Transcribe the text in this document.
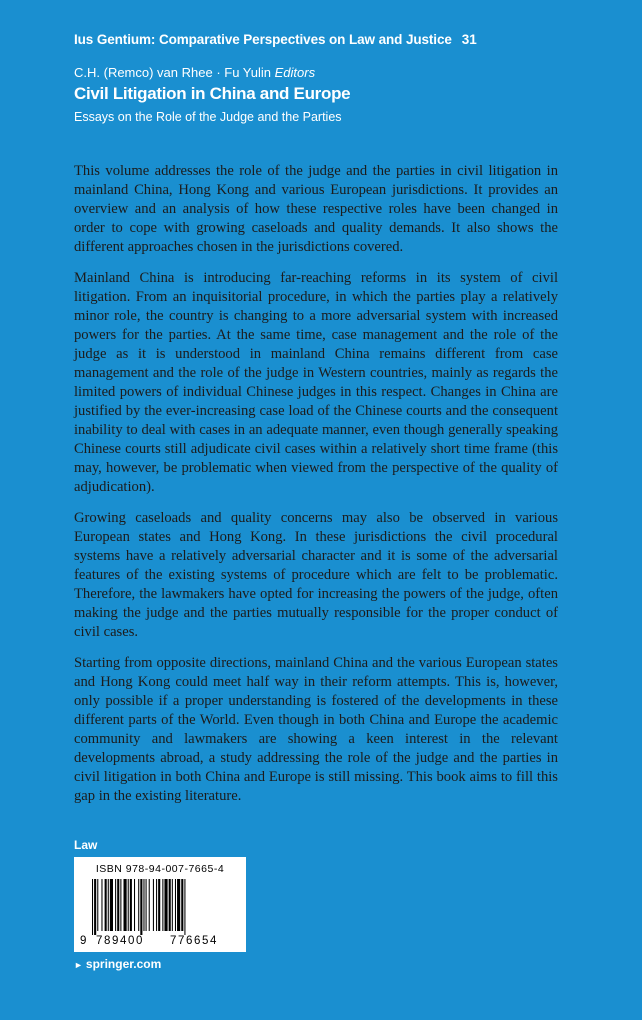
Ius Gentium: Comparative Perspectives on Law and Justice 31
C.H. (Remco) van Rhee · Fu Yulin Editors
Civil Litigation in China and Europe
Essays on the Role of the Judge and the Parties

This volume addresses the role of the judge and the parties in civil litigation in mainland China, Hong Kong and various European jurisdictions. It provides an overview and an analysis of how these respective roles have been changed in order to cope with growing caseloads and quality demands. It also shows the different approaches chosen in the jurisdictions covered.

Mainland China is introducing far-reaching reforms in its system of civil litigation. From an inquisitorial procedure, in which the parties play a relatively minor role, the country is changing to a more adversarial system with increased powers for the parties. At the same time, case management and the role of the judge as it is understood in mainland China remains different from case management and the role of the judge in Western countries, mainly as regards the limited powers of individual Chinese judges in this respect. Changes in China are justified by the ever-increasing case load of the Chinese courts and the consequent inability to deal with cases in an adequate manner, even though generally speaking Chinese courts still adjudicate civil cases within a relatively short time frame (this may, however, be problematic when viewed from the perspective of the quality of adjudication).

Growing caseloads and quality concerns may also be observed in various European states and Hong Kong. In these jurisdictions the civil procedural systems have a relatively adversarial character and it is some of the adversarial features of the existing systems of procedure which are felt to be problematic. Therefore, the lawmakers have opted for increasing the powers of the judge, often making the judge and the parties mutually responsible for the proper conduct of civil cases.

Starting from opposite directions, mainland China and the various European states and Hong Kong could meet half way in their reform attempts. This is, however, only possible if a proper understanding is fostered of the developments in these different parts of the World. Even though in both China and Europe the academic community and lawmakers are showing a keen interest in the relevant developments abroad, a study addressing the role of the judge and the parties in civil litigation in both China and Europe is still missing. This book aims to fill this gap in the existing literature.

Law
ISBN 978-94-007-7665-4
9 789400 776654
► springer.com
